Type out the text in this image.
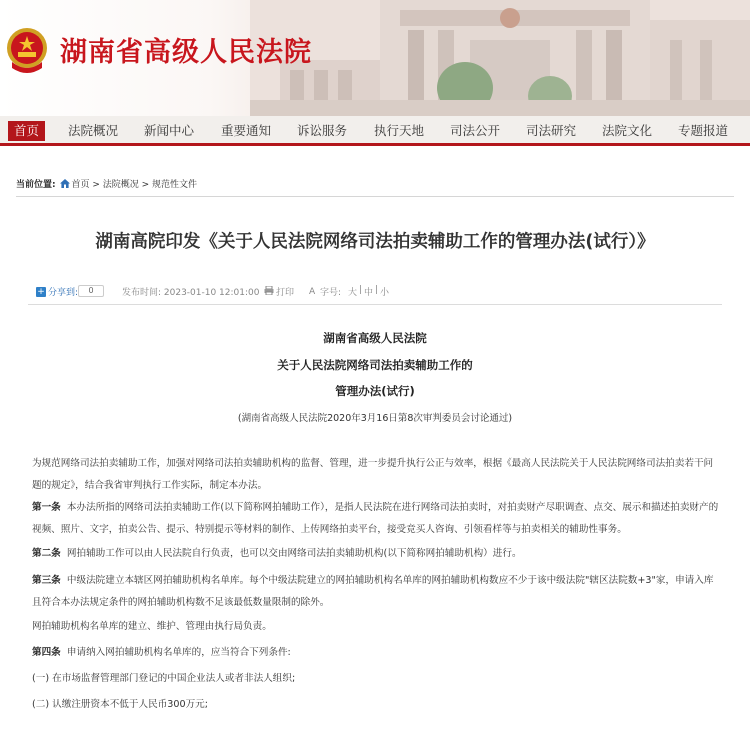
湖南省高级人民法院
首页	法院概况 新闻中心 重要通知 诉讼服务 执行天地 司法公开 司法研究 法院文化 专题报道
当前位置: 首页 > 法院概况 > 规范性文件
湖南高院印发《关于人民法院网络司法拍卖辅助工作的管理办法(试行）》
+ 分享到:	0	发布时间: 2023-01-10 12:01:00 打印 A 字号: 大 | 中 | 小
湖南省高级人民法院
关于人民法院网络司法拍卖辅助工作的
管理办法(试行)
(湖南省高级人民法院2020年3月16日第8次审判委员会讨论通过)
为规范网络司法拍卖辅助工作，加强对网络司法拍卖辅助机构的监督、管理，进一步提升执行公正与效率，根据《最高人民法院关于人民法院网络司法拍卖若干问题的规定》，结合我省审判执行工作实际，制定本办法。
第一条 本办法所指的网络司法拍卖辅助工作(以下简称网拍辅助工作），是指人民法院在进行网络司法拍卖时，对拍卖财产尽职调查、点交、展示和描述拍卖财产的视频、照片、文字，拍卖公告、提示、特别提示等材料的制作、上传网络拍卖平台，接受竞买人咨询、引领看样等与拍卖相关的辅助性事务。
第二条 网拍辅助工作可以由人民法院自行负责，也可以交由网络司法拍卖辅助机构(以下简称网拍辅助机构）进行。
第三条 中级法院建立本辖区网拍辅助机构名单库。每个中级法院建立的网拍辅助机构名单库的网拍辅助机构数应不少于该中级法院"辖区法院数+3"家，申请入库且符合本办法规定条件的网拍辅助机构数不足该最低数量限制的除外。
网拍辅助机构名单库的建立、维护、管理由执行局负责。
第四条 申请纳入网拍辅助机构名单库的，应当符合下列条件:
(一) 在市场监督管理部门登记的中国企业法人或者非法人组织;
(二) 认缴注册资本不低于人民币300万元;
